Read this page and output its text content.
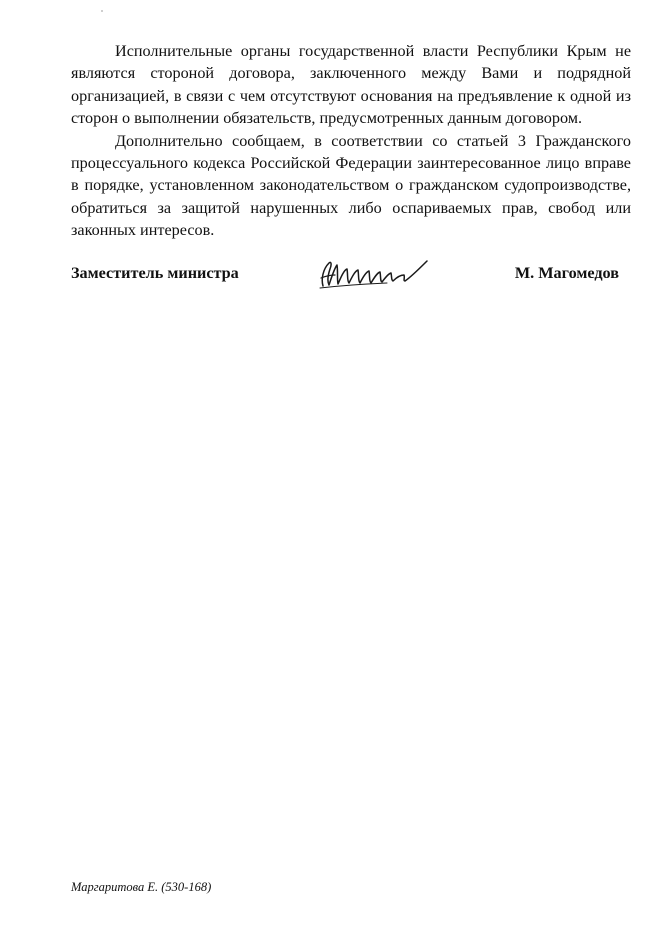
Исполнительные органы государственной власти Республики Крым не являются стороной договора, заключенного между Вами и подрядной организацией, в связи с чем отсутствуют основания на предъявление к одной из сторон о выполнении обязательств, предусмотренных данным договором.

Дополнительно сообщаем, в соответствии со статьей 3 Гражданского процессуального кодекса Российской Федерации заинтересованное лицо вправе в порядке, установленном законодательством о гражданском судопроизводстве, обратиться за защитой нарушенных либо оспариваемых прав, свобод или законных интересов.

Заместитель министра	М. Магомедов
Маргаритова Е. (530-168)
